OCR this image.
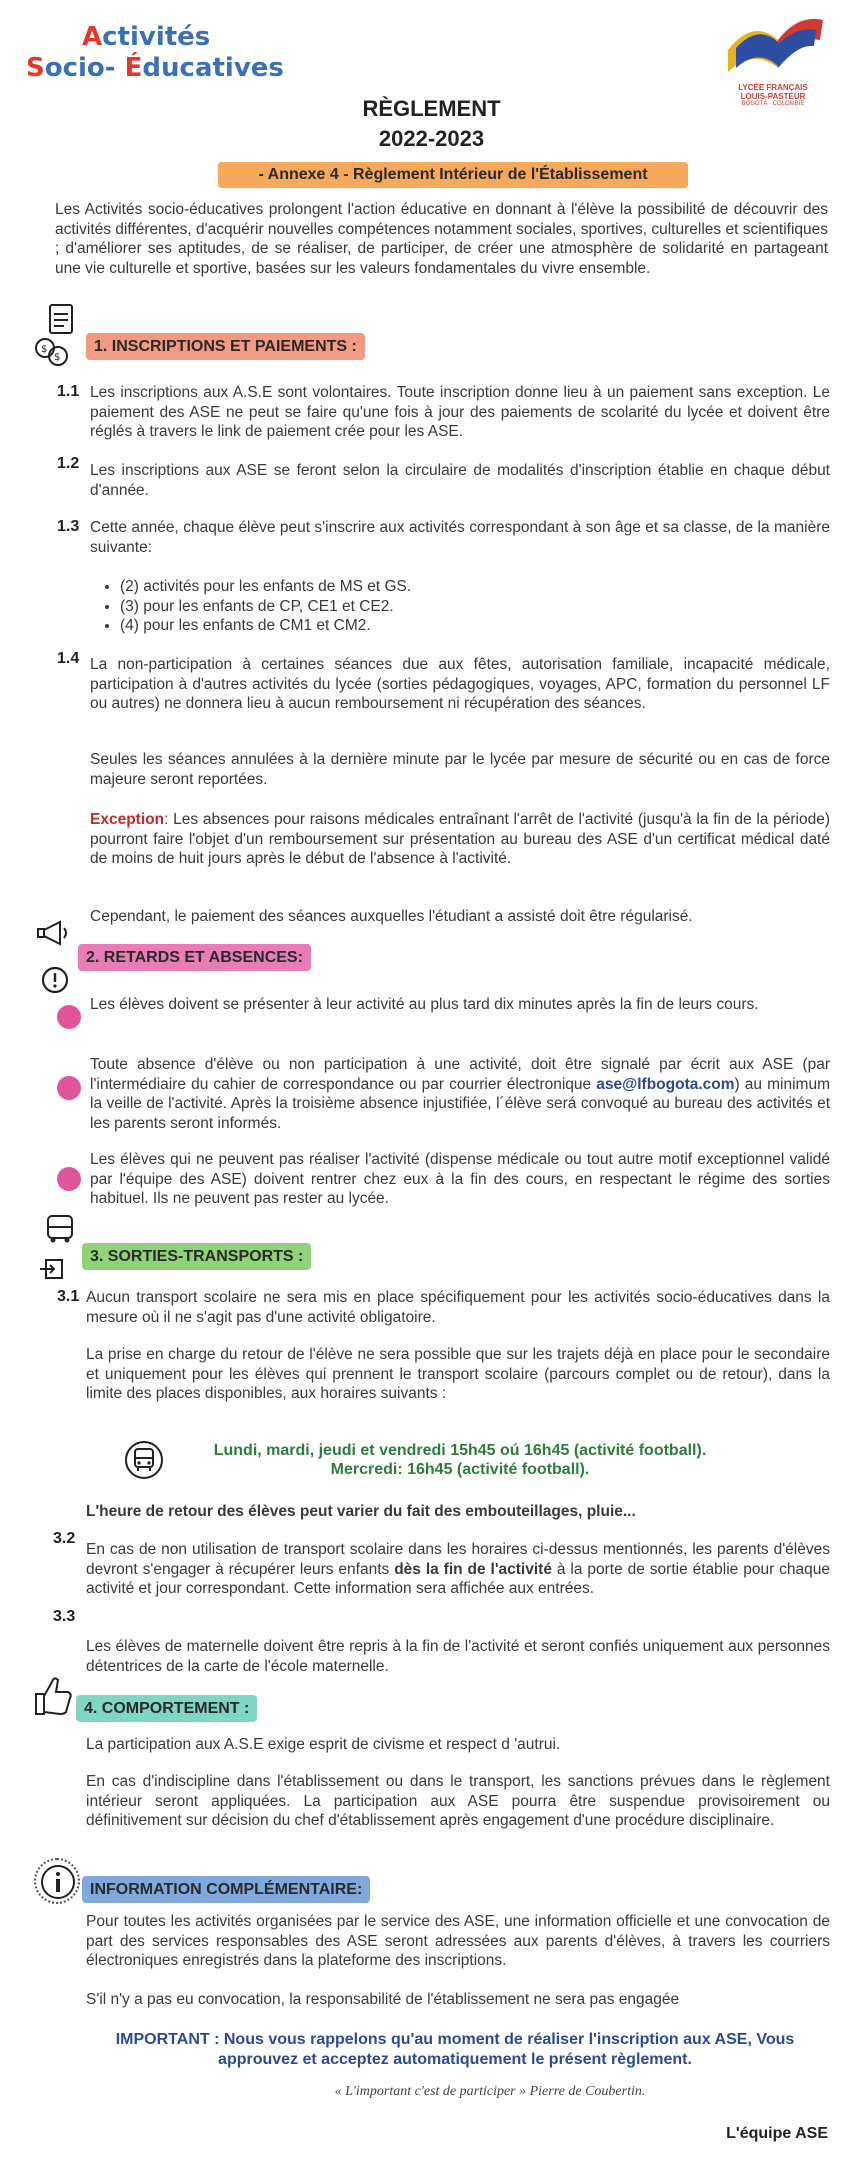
Activités
Socio- Éducatives
LYCÉE FRANÇAIS
LOUIS-PASTEUR
BOGOTÁ · COLOMBIE
RÈGLEMENT
2022-2023
- Annexe 4 - Règlement Intérieur de l'Établissement
Les Activités socio-éducatives prolongent l'action éducative en donnant à l'élève la possibilité de découvrir des activités différentes, d'acquérir nouvelles compétences notamment sociales, sportives, culturelles et scientifiques ; d'améliorer ses aptitudes, de se réaliser, de participer, de créer une atmosphère de solidarité en partageant une vie culturelle et sportive, basées sur les valeurs fondamentales du vivre ensemble.
$
$
1. INSCRIPTIONS ET PAIEMENTS :
1.1 Les inscriptions aux A.S.E sont volontaires. Toute inscription donne lieu à un paiement sans exception. Le paiement des ASE ne peut se faire qu'une fois à jour des paiements de scolarité du lycée et doivent être réglés à travers le link de paiement crée pour les ASE.
1.2 Les inscriptions aux ASE se feront selon la circulaire de modalités d'inscription établie en chaque début d'année.
1.3 Cette année, chaque élève peut s'inscrire aux activités correspondant à son âge et sa classe, de la manière suivante:
• (2) activités pour les enfants de MS et GS.
• (3) pour les enfants de CP, CE1 et CE2.
• (4) pour les enfants de CM1 et CM2.
1.4 La non-participation à certaines séances due aux fêtes, autorisation familiale, incapacité médicale, participation à d'autres activités du lycée (sorties pédagogiques, voyages, APC, formation du personnel LF ou autres) ne donnera lieu à aucun remboursement ni récupération des séances.
Seules les séances annulées à la dernière minute par le lycée par mesure de sécurité ou en cas de force majeure seront reportées.
Exception: Les absences pour raisons médicales entraînant l'arrêt de l'activité (jusqu'à la fin de la période) pourront faire l'objet d'un remboursement sur présentation au bureau des ASE d'un certificat médical daté de moins de huit jours après le début de l'absence à l'activité.
Cependant, le paiement des séances auxquelles l'étudiant a assisté doit être régularisé.
2. RETARDS ET ABSENCES:
Les élèves doivent se présenter à leur activité au plus tard dix minutes après la fin de leurs cours.
Toute absence d'élève ou non participation à une activité, doit être signalé par écrit aux ASE (par l'intermédiaire du cahier de correspondance ou par courrier électronique ase@lfbogota.com) au minimum la veille de l'activité. Après la troisième absence injustifiée, l´élève será convoqué au bureau des activités et les parents seront informés.
Les élèves qui ne peuvent pas réaliser l'activité (dispense médicale ou tout autre motif exceptionnel validé par l'équipe des ASE) doivent rentrer chez eux à la fin des cours, en respectant le régime des sorties habituel. Ils ne peuvent pas rester au lycée.
3. SORTIES-TRANSPORTS :
3.1 Aucun transport scolaire ne sera mis en place spécifiquement pour les activités socio-éducatives dans la mesure où il ne s'agit pas d'une activité obligatoire.
La prise en charge du retour de l'élève ne sera possible que sur les trajets déjà en place pour le secondaire et uniquement pour les élèves qui prennent le transport scolaire (parcours complet ou de retour), dans la limite des places disponibles, aux horaires suivants :
Lundi, mardi, jeudi et vendredi 15h45 oú 16h45 (activité football).
Mercredi: 16h45 (activité football).
L'heure de retour des élèves peut varier du fait des embouteillages, pluie...
3.2
En cas de non utilisation de transport scolaire dans les horaires ci-dessus mentionnés, les parents d'élèves devront s'engager à récupérer leurs enfants dès la fin de l'activité à la porte de sortie établie pour chaque activité et jour correspondant. Cette information sera affichée aux entrées.
3.3
Les élèves de maternelle doivent être repris à la fin de l'activité et seront confiés uniquement aux personnes détentrices de la carte de l'école maternelle.
4. COMPORTEMENT :
La participation aux A.S.E exige esprit de civisme et respect d 'autrui.
En cas d'indiscipline dans l'établissement ou dans le transport, les sanctions prévues dans le règlement intérieur seront appliquées. La participation aux ASE pourra être suspendue provisoirement ou définitivement sur décision du chef d'établissement après engagement d'une procédure disciplinaire.
INFORMATION COMPLÉMENTAIRE:
Pour toutes les activités organisées par le service des ASE, une information officielle et une convocation de part des services responsables des ASE seront adressées aux parents d'élèves, à travers les courriers électroniques enregistrés dans la plateforme des inscriptions.
S'il n'y a pas eu convocation, la responsabilité de l'établissement ne sera pas engagée
IMPORTANT : Nous vous rappelons qu'au moment de réaliser l'inscription aux ASE, Vous approuvez et acceptez automatiquement le présent règlement.
« L'important c'est de participer » Pierre de Coubertin.
L'équipe ASE
